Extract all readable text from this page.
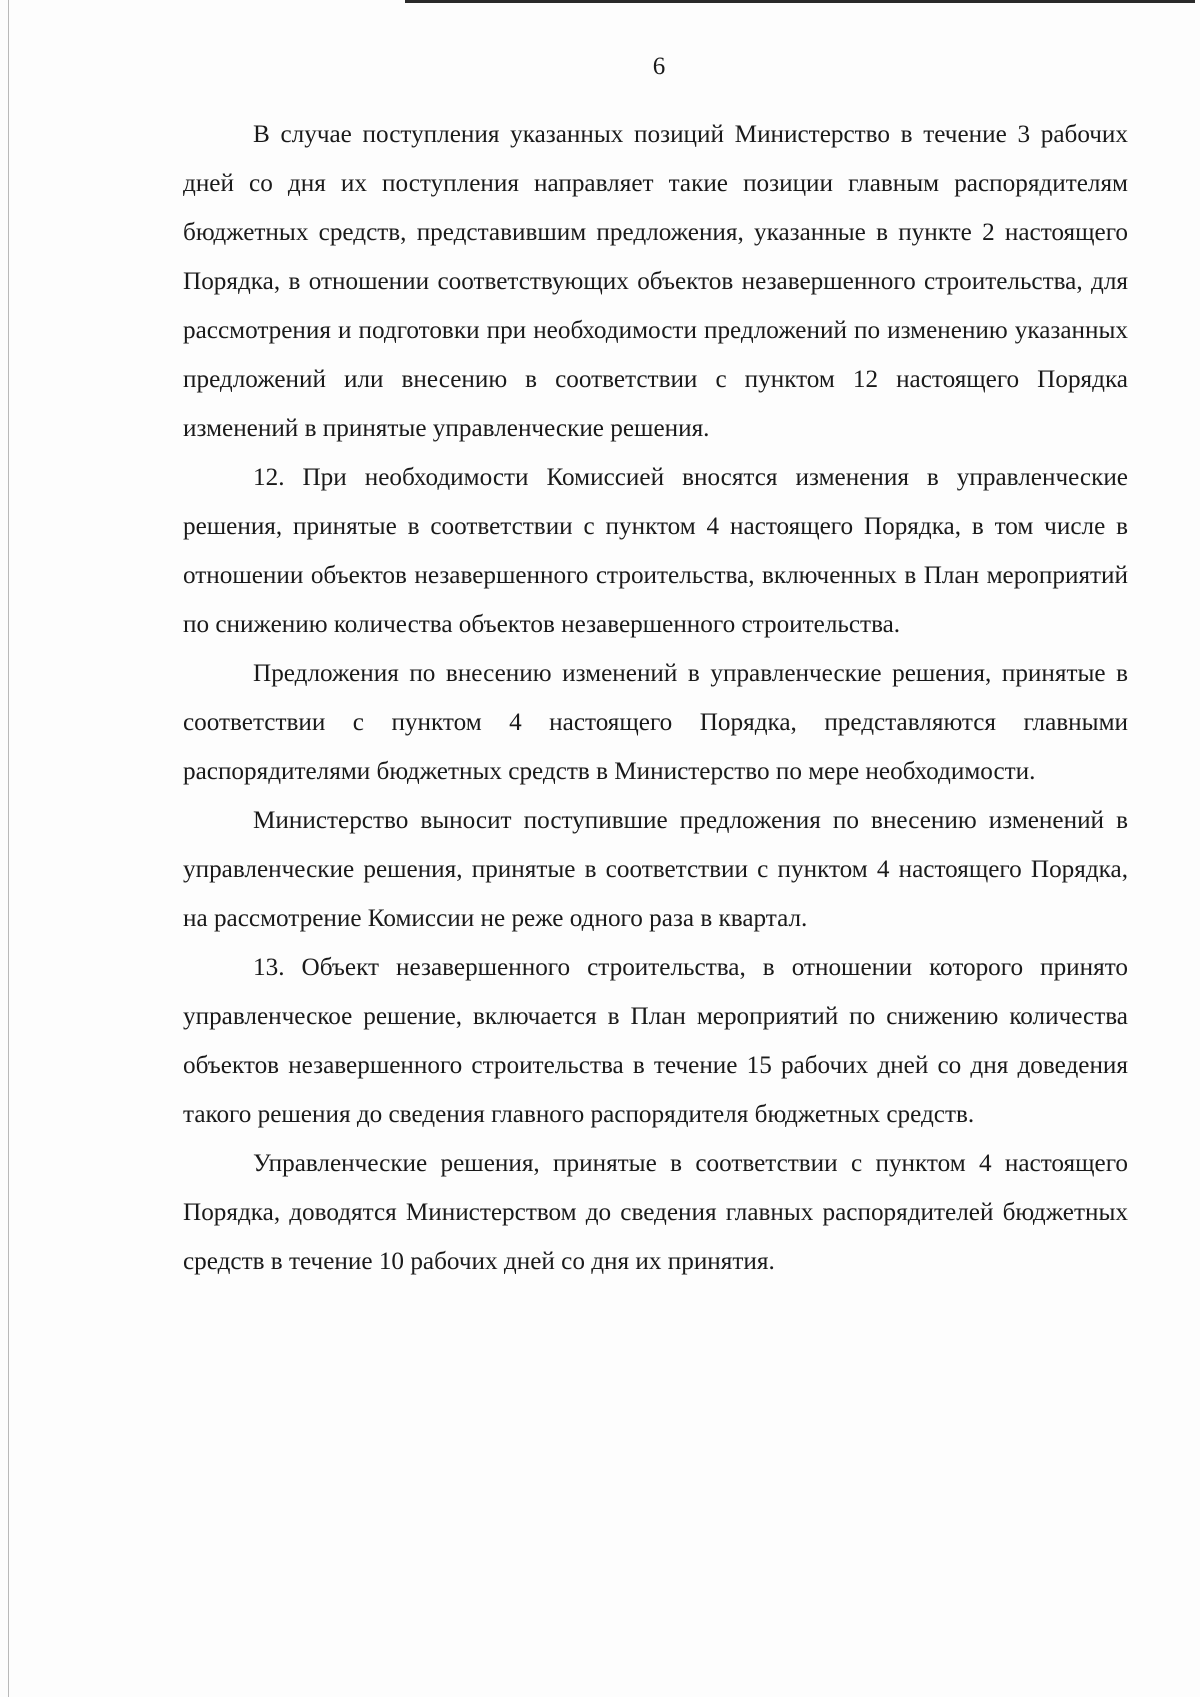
6

В случае поступления указанных позиций Министерство в течение 3 рабочих дней со дня их поступления направляет такие позиции главным распорядителям бюджетных средств, представившим предложения, указанные в пункте 2 настоящего Порядка, в отношении соответствующих объектов незавершенного строительства, для рассмотрения и подготовки при необходимости предложений по изменению указанных предложений или внесению в соответствии с пунктом 12 настоящего Порядка изменений в принятые управленческие решения.

12. При необходимости Комиссией вносятся изменения в управленческие решения, принятые в соответствии с пунктом 4 настоящего Порядка, в том числе в отношении объектов незавершенного строительства, включенных в План мероприятий по снижению количества объектов незавершенного строительства.

Предложения по внесению изменений в управленческие решения, принятые в соответствии с пунктом 4 настоящего Порядка, представляются главными распорядителями бюджетных средств в Министерство по мере необходимости.

Министерство выносит поступившие предложения по внесению изменений в управленческие решения, принятые в соответствии с пунктом 4 настоящего Порядка, на рассмотрение Комиссии не реже одного раза в квартал.

13. Объект незавершенного строительства, в отношении которого принято управленческое решение, включается в План мероприятий по снижению количества объектов незавершенного строительства в течение 15 рабочих дней со дня доведения такого решения до сведения главного распорядителя бюджетных средств.

Управленческие решения, принятые в соответствии с пунктом 4 настоящего Порядка, доводятся Министерством до сведения главных распорядителей бюджетных средств в течение 10 рабочих дней со дня их принятия.
